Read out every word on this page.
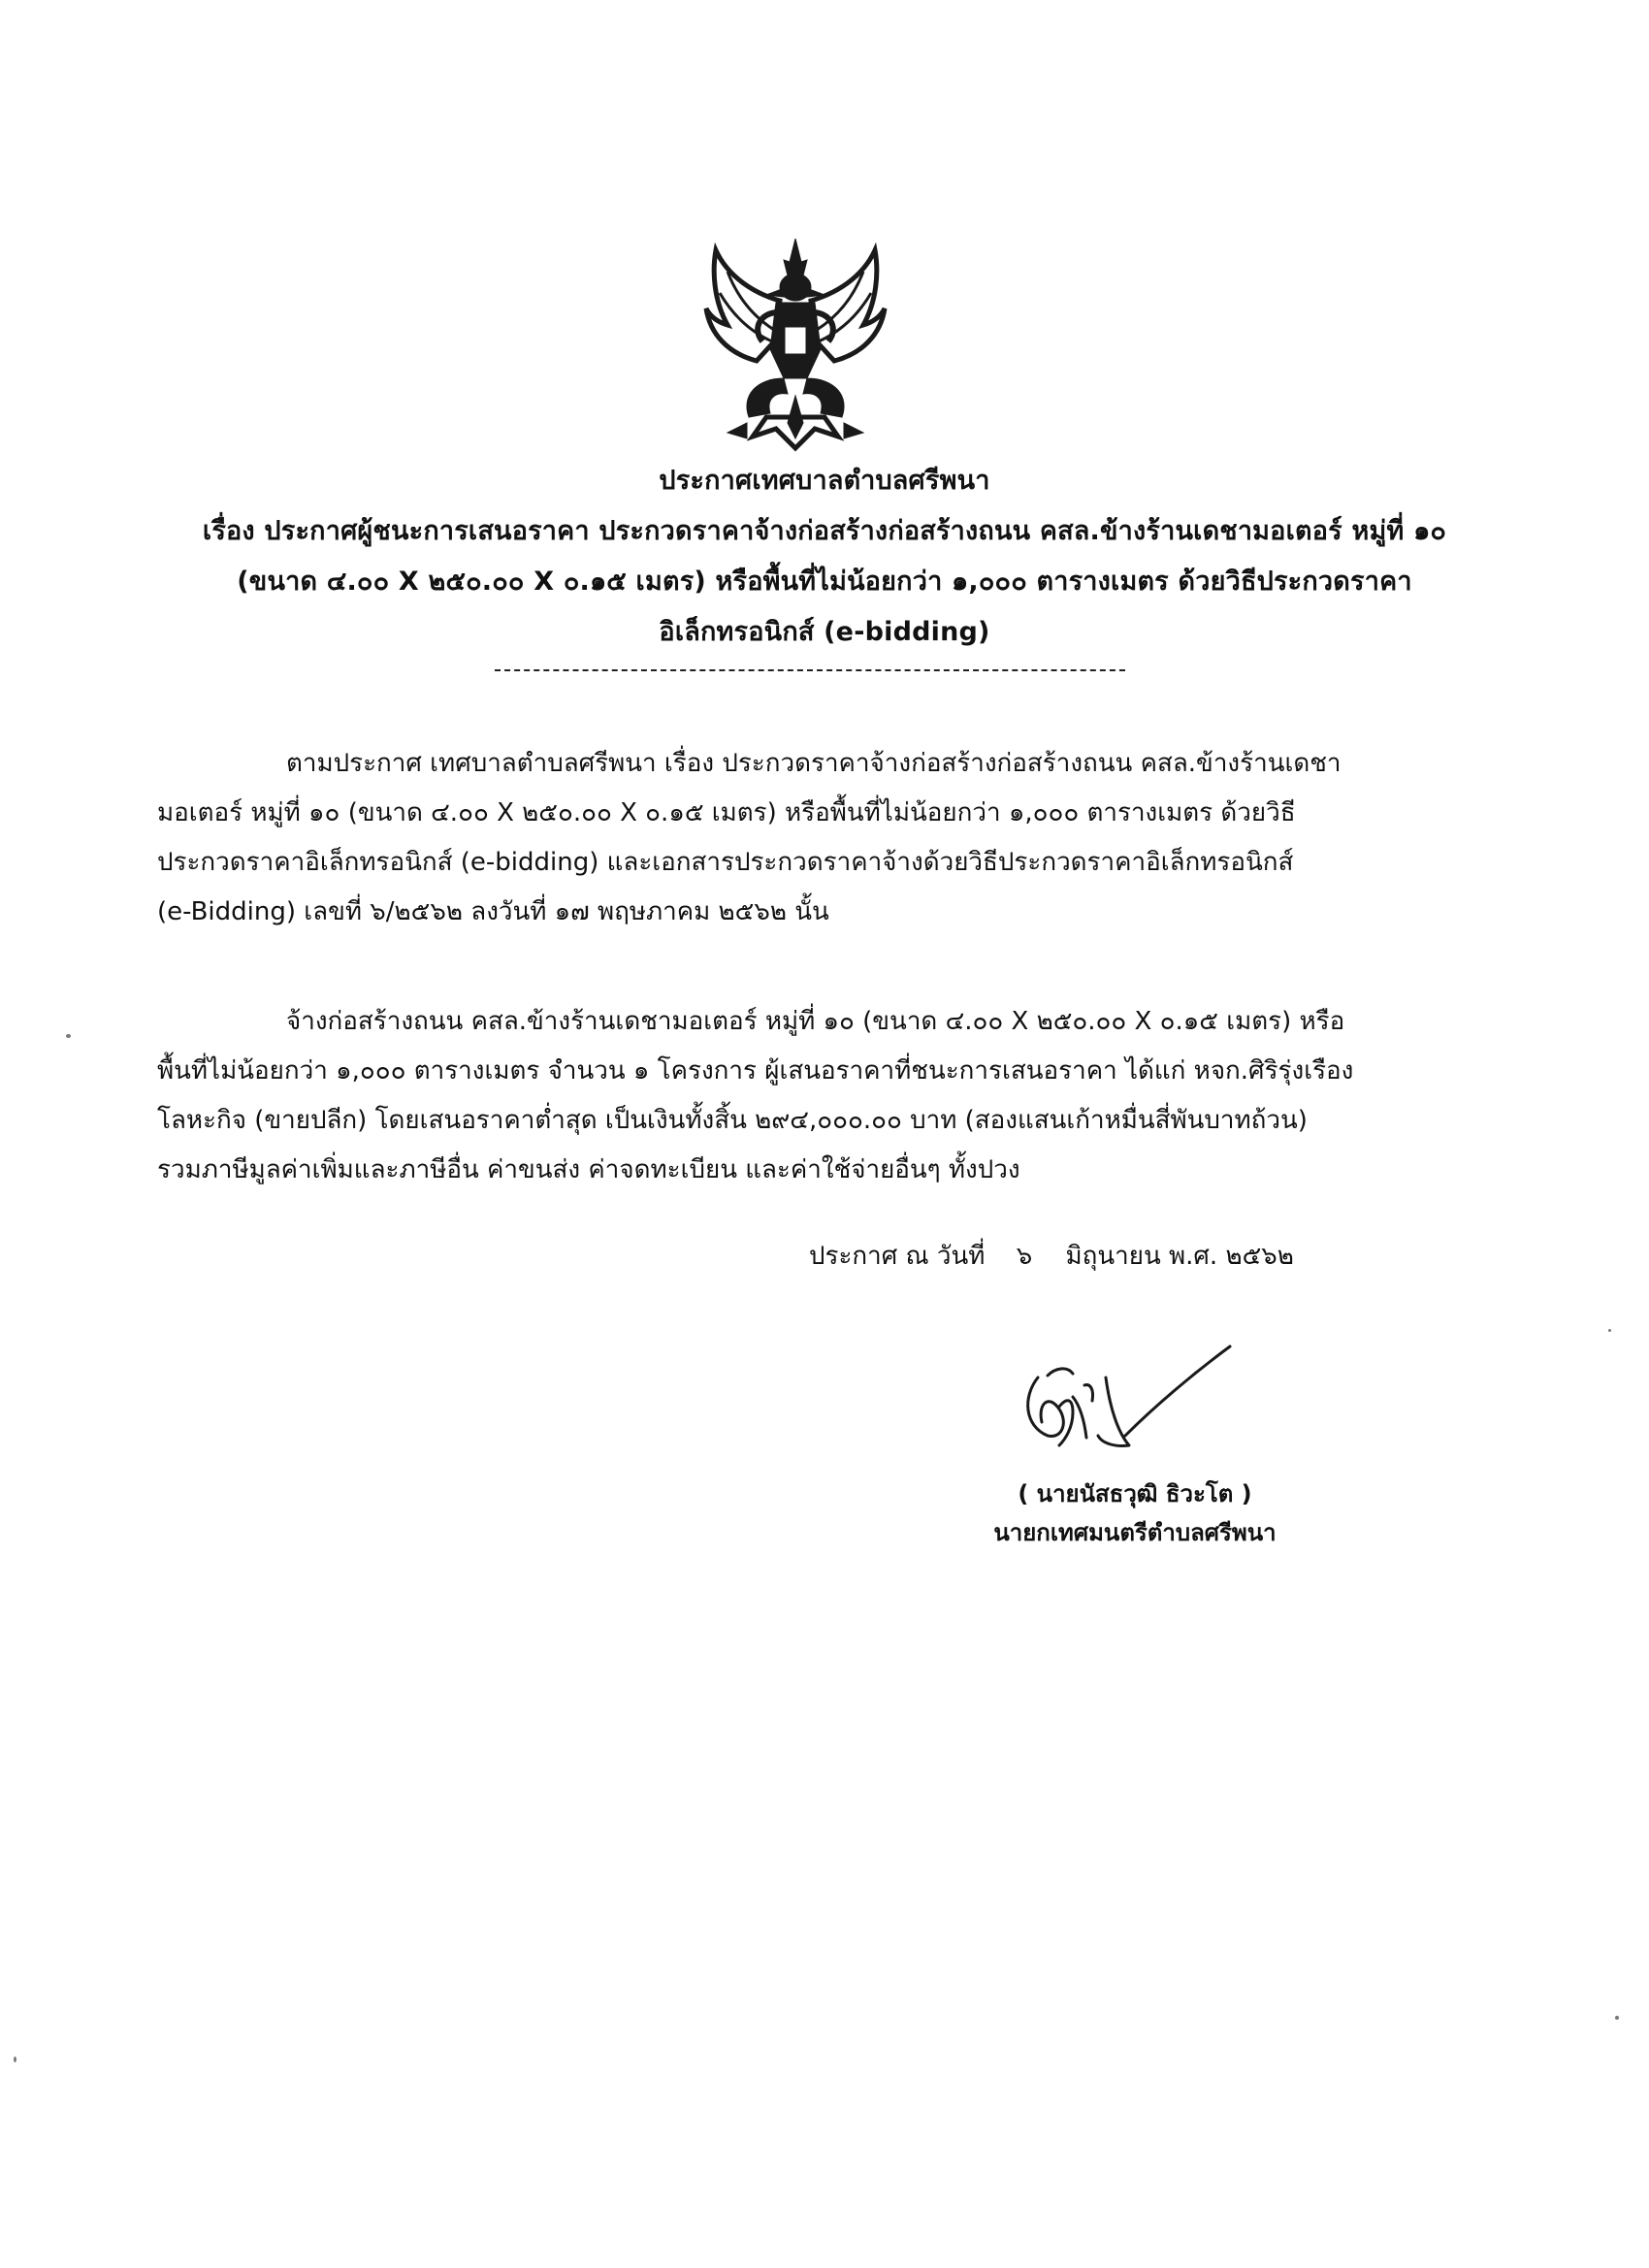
ประกาศเทศบาลตำบลศรีพนา
เรื่อง ประกาศผู้ชนะการเสนอราคา ประกวดราคาจ้างก่อสร้างก่อสร้างถนน คสล.ข้างร้านเดชามอเตอร์ หมู่ที่ ๑๐
(ขนาด ๔.๐๐ X ๒๕๐.๐๐ X ๐.๑๕ เมตร) หรือพื้นที่ไม่น้อยกว่า ๑,๐๐๐ ตารางเมตร ด้วยวิธีประกวดราคา
อิเล็กทรอนิกส์ (e-bidding)
ตามประกาศ เทศบาลตำบลศรีพนา เรื่อง ประกวดราคาจ้างก่อสร้างก่อสร้างถนน คสล.ข้างร้านเดชา
มอเตอร์ หมู่ที่ ๑๐ (ขนาด ๔.๐๐ X ๒๕๐.๐๐ X ๐.๑๕ เมตร) หรือพื้นที่ไม่น้อยกว่า ๑,๐๐๐ ตารางเมตร ด้วยวิธี
ประกวดราคาอิเล็กทรอนิกส์ (e-bidding) และเอกสารประกวดราคาจ้างด้วยวิธีประกวดราคาอิเล็กทรอนิกส์
(e-Bidding) เลขที่ ๖/๒๕๖๒ ลงวันที่ ๑๗ พฤษภาคม ๒๕๖๒ นั้น
จ้างก่อสร้างถนน คสล.ข้างร้านเดชามอเตอร์ หมู่ที่ ๑๐ (ขนาด ๔.๐๐ X ๒๕๐.๐๐ X ๐.๑๕ เมตร) หรือ
พื้นที่ไม่น้อยกว่า ๑,๐๐๐ ตารางเมตร จำนวน ๑ โครงการ ผู้เสนอราคาที่ชนะการเสนอราคา ได้แก่ หจก.ศิริรุ่งเรือง
โลหะกิจ (ขายปลีก) โดยเสนอราคาต่ำสุด เป็นเงินทั้งสิ้น ๒๙๔,๐๐๐.๐๐ บาท (สองแสนเก้าหมื่นสี่พันบาทถ้วน)
รวมภาษีมูลค่าเพิ่มและภาษีอื่น ค่าขนส่ง ค่าจดทะเบียน และค่าใช้จ่ายอื่นๆ ทั้งปวง
ประกาศ ณ วันที่ ๖ มิถุนายน พ.ศ. ๒๕๖๒
( นายนัสธวุฒิ ธิวะโต )
นายกเทศมนตรีตำบลศรีพนา
